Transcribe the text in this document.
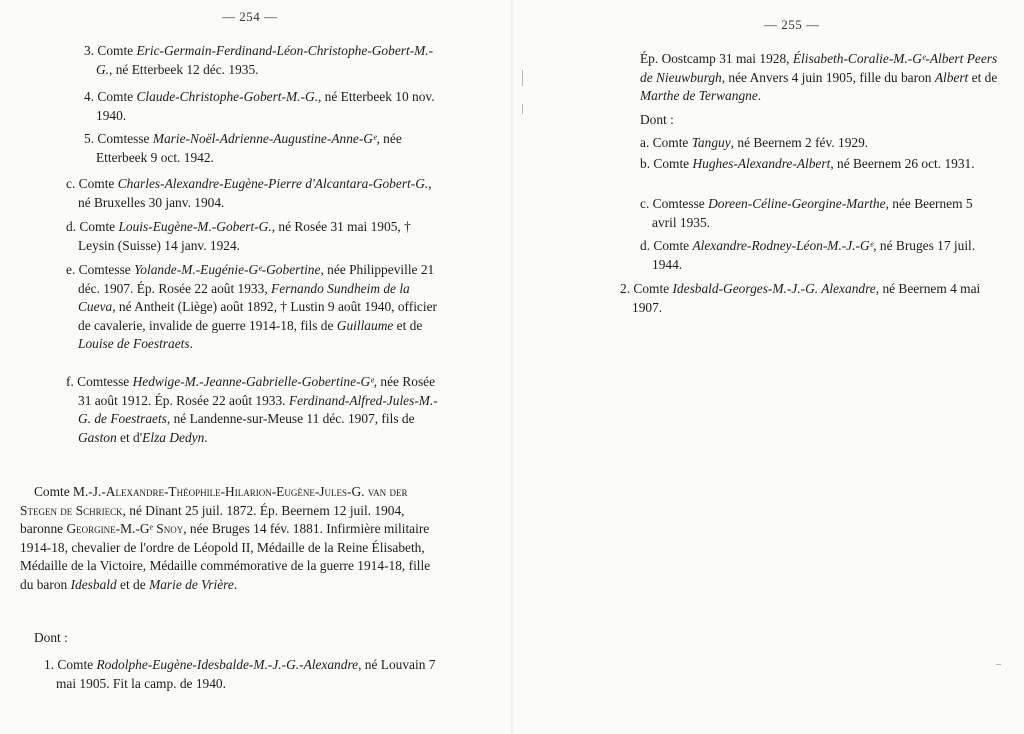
— 254 —
3. Comte Eric-Germain-Ferdinand-Léon-Christophe-Gobert-M.-G., né Etterbeek 12 déc. 1935.
4. Comte Claude-Christophe-Gobert-M.-G., né Etterbeek 10 nov. 1940.
5. Comtesse Marie-Noël-Adrienne-Augustine-Anne-Gᵉ, née Etterbeek 9 oct. 1942.
c. Comte Charles-Alexandre-Eugène-Pierre d'Alcantara-Gobert-G., né Bruxelles 30 janv. 1904.
d. Comte Louis-Eugène-M.-Gobert-G., né Rosée 31 mai 1905, † Leysin (Suisse) 14 janv. 1924.
e. Comtesse Yolande-M.-Eugénie-Gᵉ-Gobertine, née Philippeville 21 déc. 1907. Ép. Rosée 22 août 1933, Fernando Sundheim de la Cueva, né Antheit (Liège) août 1892, † Lustin 9 août 1940, officier de cavalerie, invalide de guerre 1914-18, fils de Guillaume et de Louise de Foestraets.
f. Comtesse Hedwige-M.-Jeanne-Gabrielle-Gobertine-Gᵉ, née Rosée 31 août 1912. Ép. Rosée 22 août 1933. Ferdinand-Alfred-Jules-M.-G. de Foestraets, né Landenne-sur-Meuse 11 déc. 1907, fils de Gaston et d'Elza Dedyn.
Comte M.-J.-Alexandre-Théophile-Hilarion-Eugène-Jules-G. van der Stegen de Schrieck, né Dinant 25 juil. 1872. Ép. Beernem 12 juil. 1904, baronne Georgine-M.-Gᵉ Snoy, née Bruges 14 fév. 1881. Infirmière militaire 1914-18, chevalier de l'ordre de Léopold II, Médaille de la Reine Élisabeth, Médaille de la Victoire, Médaille commémorative de la guerre 1914-18, fille du baron Idesbald et de Marie de Vrière.
Dont :
1. Comte Rodolphe-Eugène-Idesbalde-M.-J.-G.-Alexandre, né Louvain 7 mai 1905. Fit la camp. de 1940.
— 255 —
Ép. Oostcamp 31 mai 1928, Élisabeth-Coralie-M.-Gᵉ-Albert Peers de Nieuwburgh, née Anvers 4 juin 1905, fille du baron Albert et de Marthe de Terwangne.
Dont :
a. Comte Tanguy, né Beernem 2 fév. 1929.
b. Comte Hughes-Alexandre-Albert, né Beernem 26 oct. 1931.
c. Comtesse Doreen-Céline-Georgine-Marthe, née Beernem 5 avril 1935.
d. Comte Alexandre-Rodney-Léon-M.-J.-Gᵉ, né Bruges 17 juil. 1944.
2. Comte Idesbald-Georges-M.-J.-G. Alexandre, né Beernem 4 mai 1907.
